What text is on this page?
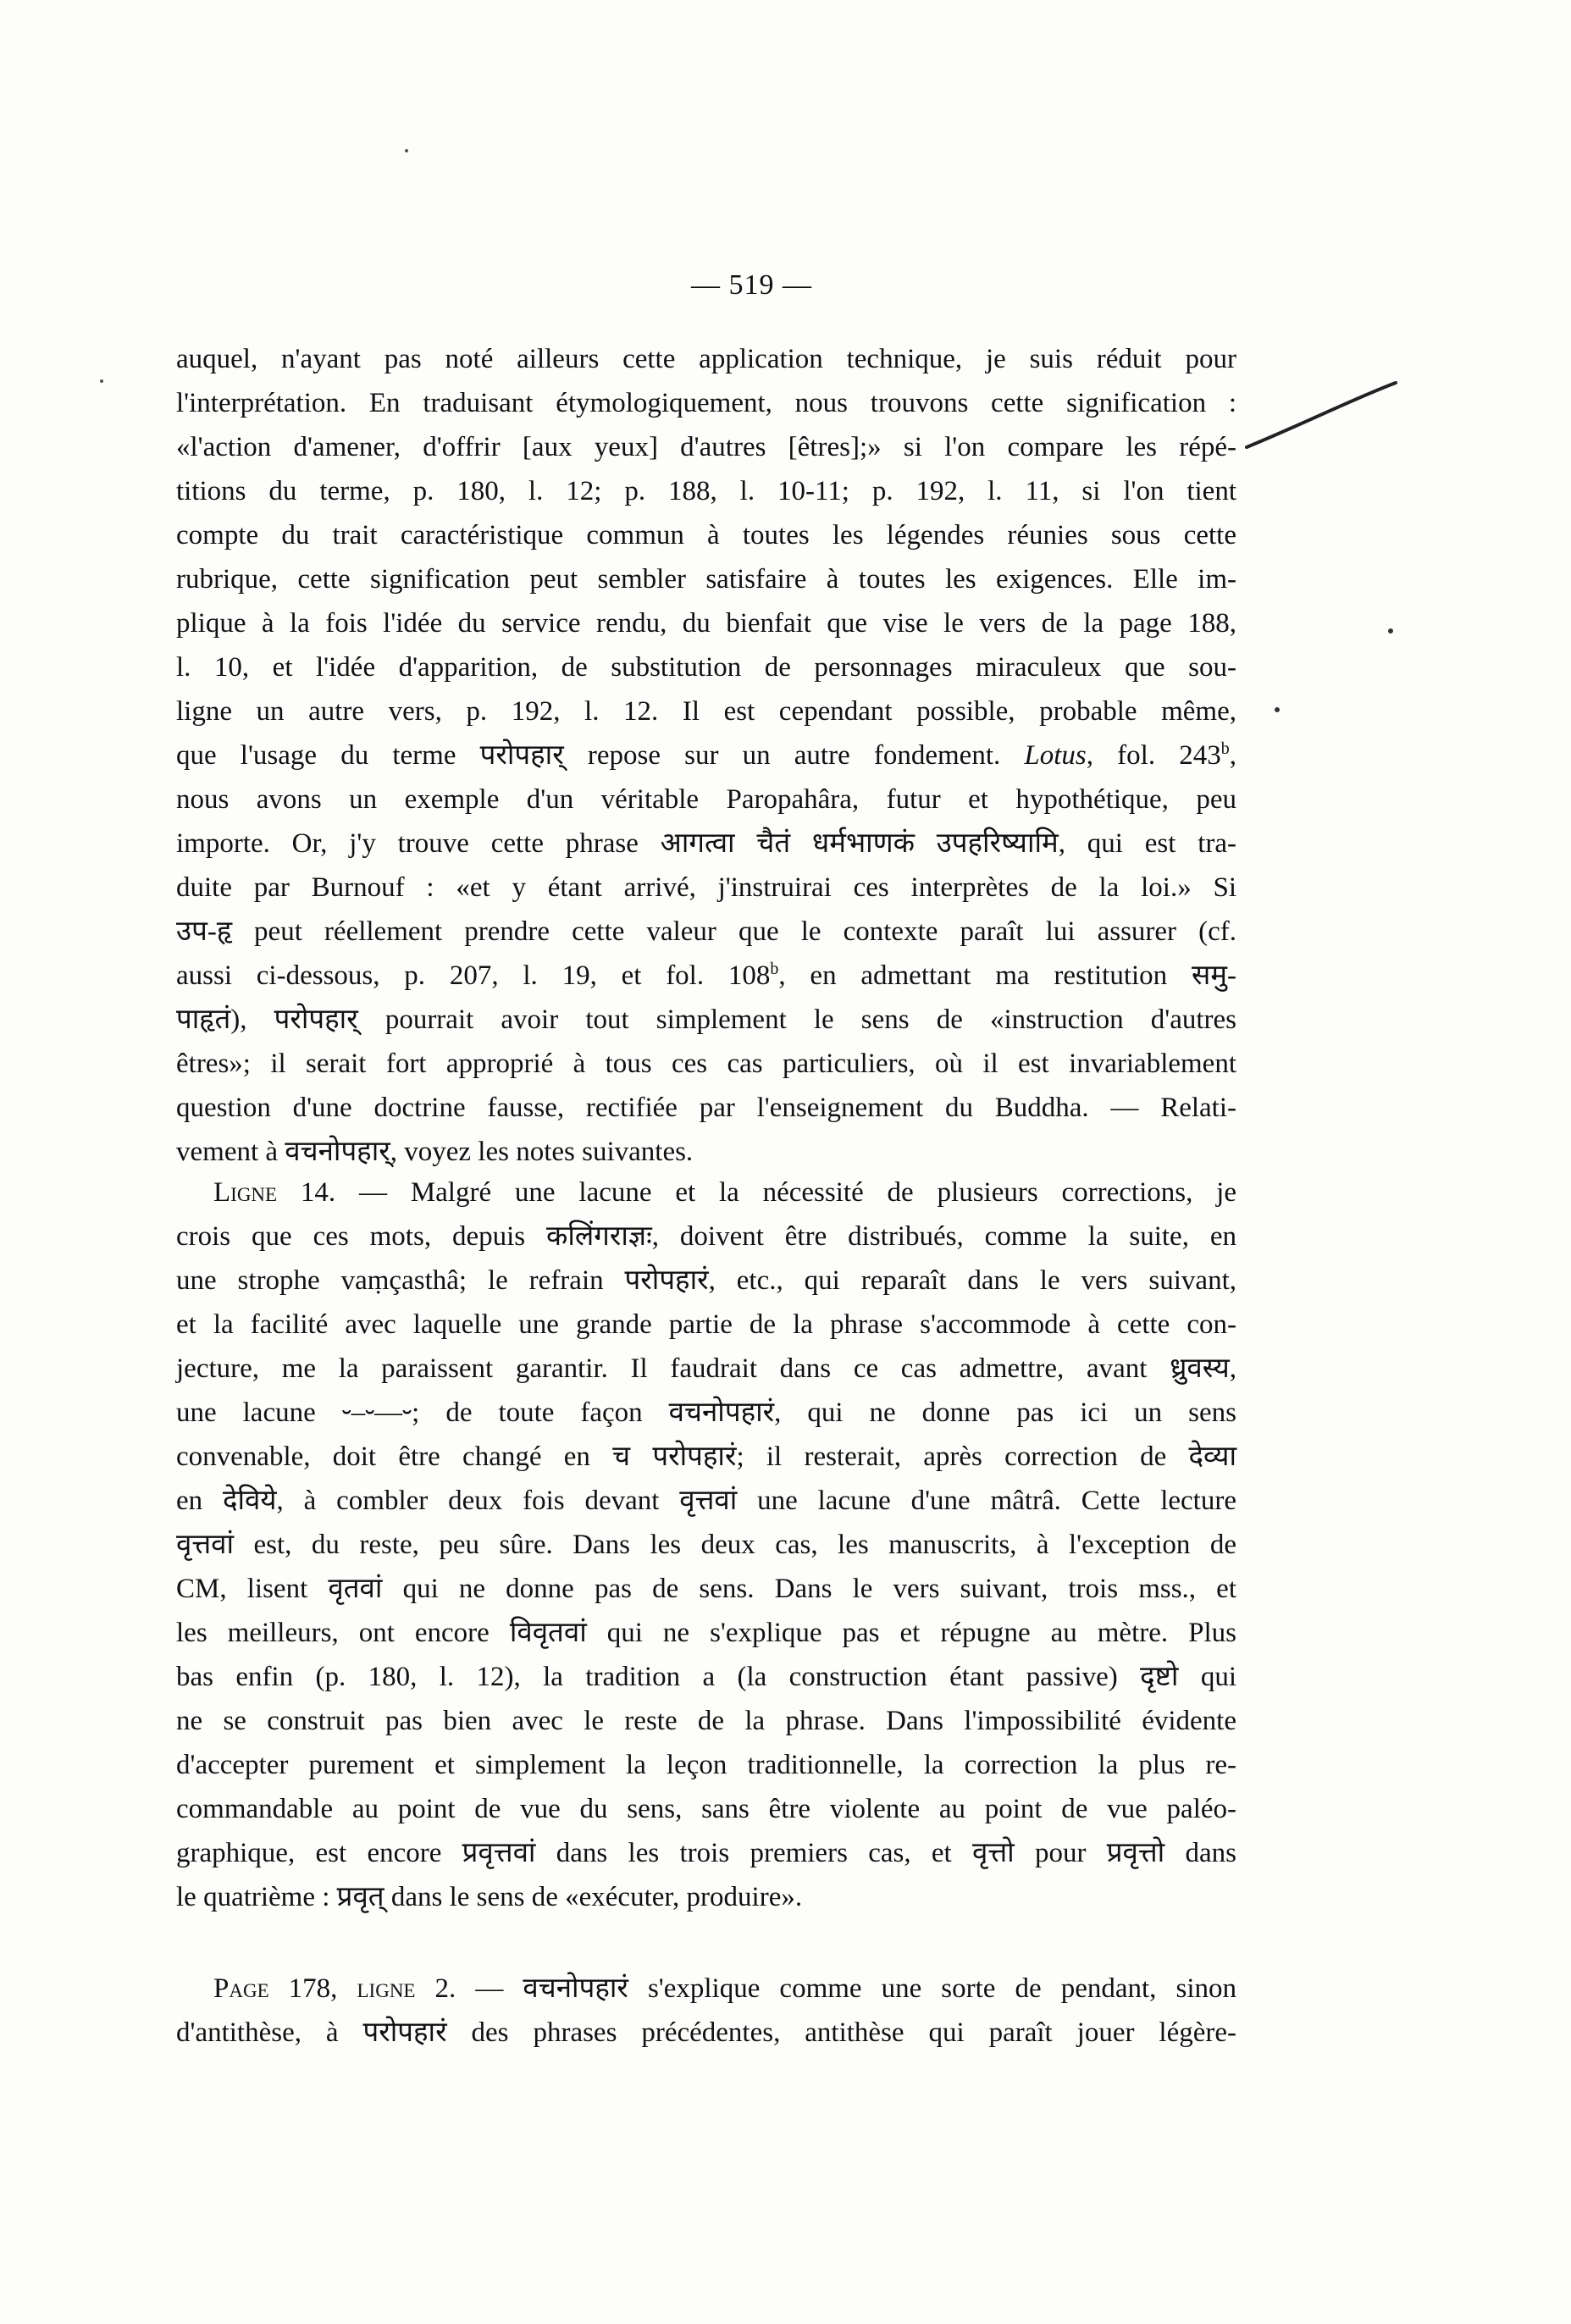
— 519 —
auquel, n'ayant pas noté ailleurs cette application technique, je suis réduit pour
l'interprétation. En traduisant étymologiquement, nous trouvons cette signification :
«l'action d'amener, d'offrir [aux yeux] d'autres [êtres];» si l'on compare les répé-
titions du terme, p. 180, l. 12; p. 188, l. 10-11; p. 192, l. 11, si l'on tient
compte du trait caractéristique commun à toutes les légendes réunies sous cette
rubrique, cette signification peut sembler satisfaire à toutes les exigences. Elle im-
plique à la fois l'idée du service rendu, du bienfait que vise le vers de la page 188,
l. 10, et l'idée d'apparition, de substitution de personnages miraculeux que sou-
ligne un autre vers, p. 192, l. 12. Il est cependant possible, probable même,
que l'usage du terme परोपहार् repose sur un autre fondement. Lotus, fol. 243$^b$,
nous avons un exemple d'un véritable Paropahâra, futur et hypothétique, peu
importe. Or, j'y trouve cette phrase आगत्वा चैतं धर्मभाणकं उपहरिष्यामि, qui est tra-
duite par Burnouf : «et y étant arrivé, j'instruirai ces interprètes de la loi.» Si
उप-हृ peut réellement prendre cette valeur que le contexte paraît lui assurer (cf.
aussi ci-dessous, p. 207, l. 19, et fol. 108$^b$, en admettant ma restitution समु-
पाहृतं), परोपहार् pourrait avoir tout simplement le sens de «instruction d'autres
êtres»; il serait fort approprié à tous ces cas particuliers, où il est invariablement
question d'une doctrine fausse, rectifiée par l'enseignement du Buddha. — Relati-
vement à वचनोपहार्, voyez les notes suivantes.
Ligne 14. — Malgré une lacune et la nécessité de plusieurs corrections, je
crois que ces mots, depuis कलिंगराज्ञः, doivent être distribués, comme la suite, en
une strophe vaṃçasthâ; le refrain परोपहारं, etc., qui reparaît dans le vers suivant,
et la facilité avec laquelle une grande partie de la phrase s'accommode à cette con-
jecture, me la paraissent garantir. Il faudrait dans ce cas admettre, avant ध्रुवस्य,
une lacune ⏑–⏑––⏑; de toute façon वचनोपहारं, qui ne donne pas ici un sens
convenable, doit être changé en च परोपहारं; il resterait, après correction de देव्या
en देविये, à combler deux fois devant वृत्तवां une lacune d'une mâtrâ. Cette lecture
वृत्तवां est, du reste, peu sûre. Dans les deux cas, les manuscrits, à l'exception de
CM, lisent वृतवां qui ne donne pas de sens. Dans le vers suivant, trois mss., et
les meilleurs, ont encore विवृतवां qui ne s'explique pas et répugne au mètre. Plus
bas enfin (p. 180, l. 12), la tradition a (la construction étant passive) दृष्टो qui
ne se construit pas bien avec le reste de la phrase. Dans l'impossibilité évidente
d'accepter purement et simplement la leçon traditionnelle, la correction la plus re-
commandable au point de vue du sens, sans être violente au point de vue paléo-
graphique, est encore प्रवृत्तवां dans les trois premiers cas, et वृत्तो pour प्रवृत्तो dans
le quatrième : प्रवृत् dans le sens de «exécuter, produire».
Page 178, ligne 2. — वचनोपहारं s'explique comme une sorte de pendant, sinon
d'antithèse, à परोपहारं des phrases précédentes, antithèse qui paraît jouer légère-
